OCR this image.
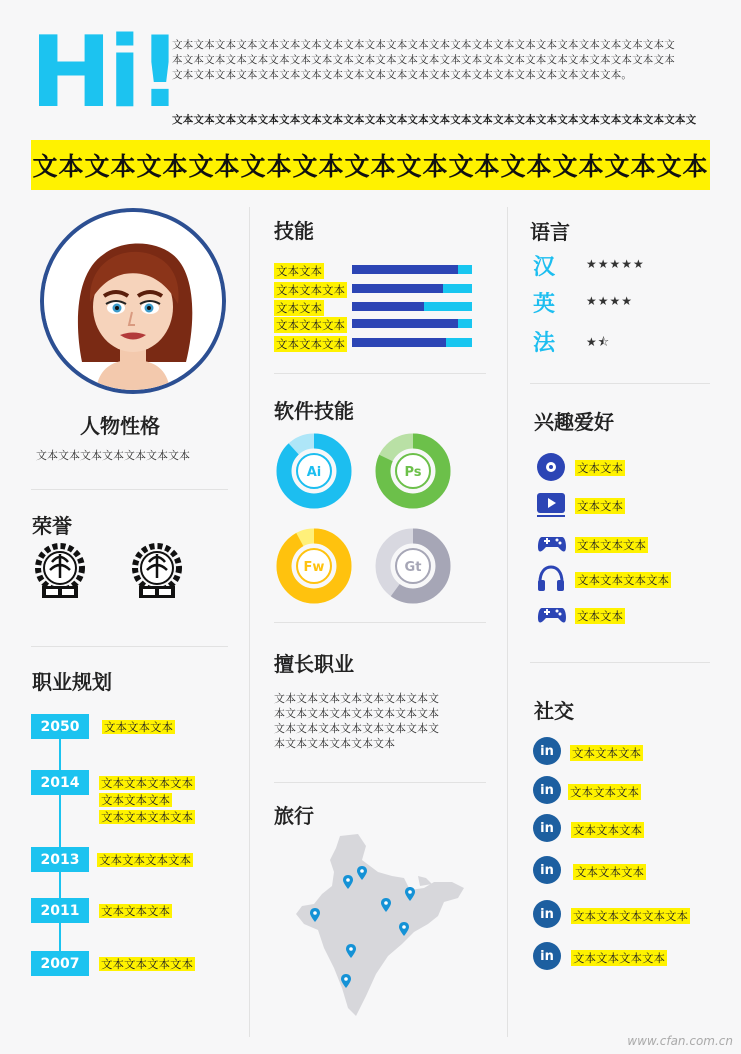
Hi!
文本文本文本文本文本文本文本文本文本文本文本文本文本文本文本文本文本文本文本文本文本文本文本文本文本文本文本文本文本文本文本文本文本文本文本文本文本文本文本文本文本文本文本文本文本文本文本文本文本文本文本文本文本文本文本文本文本文本文本文本文本文本文本文本文本文本文本文本。
文本文本文本文本文本文本文本文本文本文本文本文本文本文本文本文本文本文本文本文本文本文本文本文本文
文本文本文本文本文本文本文本文本文本文本文本文本文本
人物性格
文本文本文本文本文本文本文本
荣誉
职业规划
2050	文本文本文本
2014	文本文本文本文本
文本文本文本
文本文本文本文本
2013	文本文本文本文本
2011	文本文本文本
2007	文本文本文本文本
技能
文本文本
文本文本文本
文本文本
文本文本文本
文本文本文本
软件技能
Ai	Ps
Fw	Gt
擅长职业
文本文本文本文本文本文本文本文
本文本文本文本文本文本文本文本
文本文本文本文本文本文本文本文
本文本文本文本文本文本
旅行
语言
汉	★★★★★
英	★★★★
法	★⯪
兴趣爱好
文本文本
文本文本
文本文本文本
文本文本文本文本
文本文本
社交
in	文本文本文本
in	文本文本文本
in	文本文本文本
in	文本文本文本
in	文本文本文本文本文本
in	文本文本文本文本
www.cfan.com.cn
